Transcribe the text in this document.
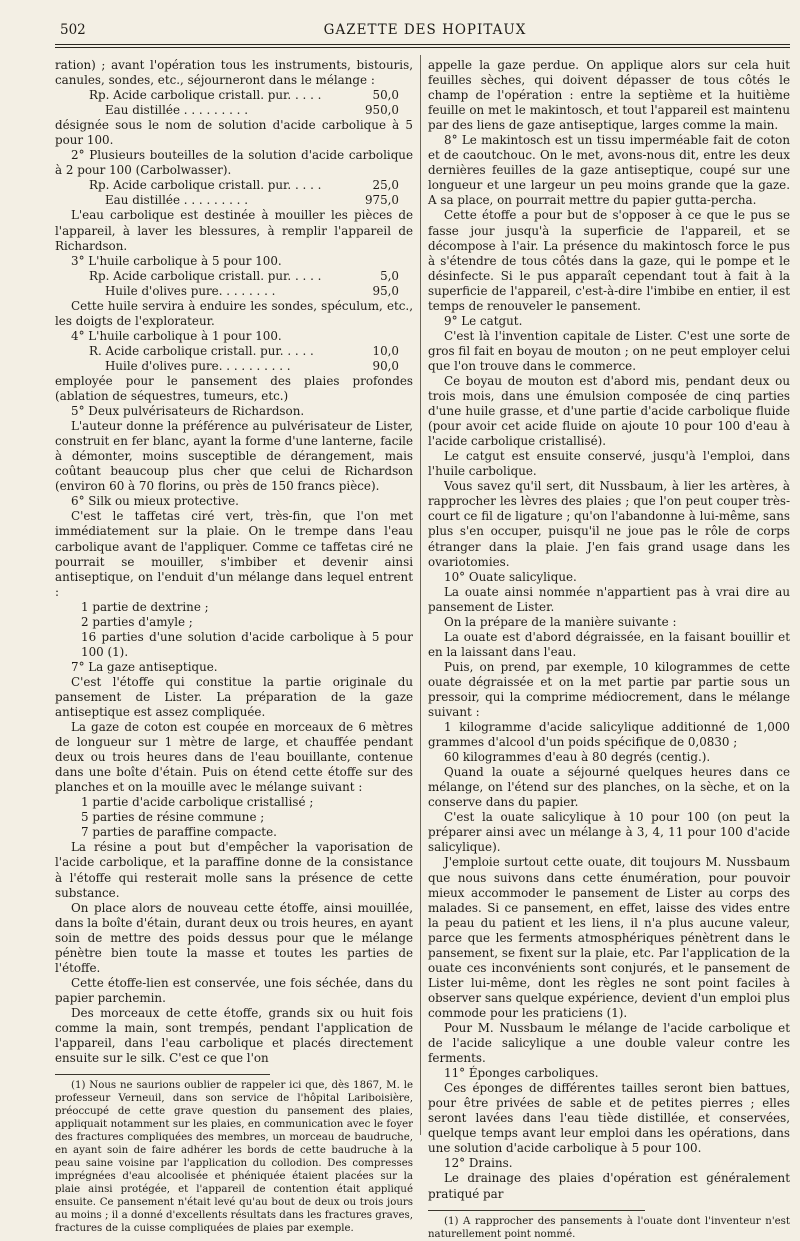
502	GAZETTE DES HOPITAUX

ration) ; avant l'opération tous les instruments, bistouris, canules, sondes, etc., séjourneront dans le mélange :

Rp. Acide carbolique cristall. pur. . . . .	50,0

Eau distillée . . . . . . . . .	950,0

désignée sous le nom de solution d'acide carbolique à 5 pour 100.

2° Plusieurs bouteilles de la solution d'acide carbolique à 2 pour 100 (Carbolwasser).

Rp. Acide carbolique cristall. pur. . . . .	25,0

Eau distillée . . . . . . . . .	975,0

L'eau carbolique est destinée à mouiller les pièces de l'appareil, à laver les blessures, à remplir l'appareil de Richardson.

3° L'huile carbolique à 5 pour 100.

Rp. Acide carbolique cristall. pur. . . . .	5,0

Huile d'olives pure. . . . . . . .	95,0

Cette huile servira à enduire les sondes, spéculum, etc., les doigts de l'explorateur.

4° L'huile carbolique à 1 pour 100.

R. Acide carbolique cristall. pur. . . . .	10,0

Huile d'olives pure. . . . . . . . . .	90,0

employée pour le pansement des plaies profondes (ablation de séquestres, tumeurs, etc.)

5° Deux pulvérisateurs de Richardson.

L'auteur donne la préférence au pulvérisateur de Lister, construit en fer blanc, ayant la forme d'une lanterne, facile à démonter, moins susceptible de dérangement, mais coûtant beaucoup plus cher que celui de Richardson (environ 60 à 70 florins, ou près de 150 francs pièce).

6° Silk ou mieux protective.

C'est le taffetas ciré vert, très-fin, que l'on met immédiatement sur la plaie. On le trempe dans l'eau carbolique avant de l'appliquer. Comme ce taffetas ciré ne pourrait se mouiller, s'imbiber et devenir ainsi antiseptique, on l'enduit d'un mélange dans lequel entrent :

1 partie de dextrine ;

2 parties d'amyle ;

16 parties d'une solution d'acide carbolique à 5 pour 100 (1).

7° La gaze antiseptique.

C'est l'étoffe qui constitue la partie originale du pansement de Lister. La préparation de la gaze antiseptique est assez compliquée.

La gaze de coton est coupée en morceaux de 6 mètres de longueur sur 1 mètre de large, et chauffée pendant deux ou trois heures dans de l'eau bouillante, contenue dans une boîte d'étain. Puis on étend cette étoffe sur des planches et on la mouille avec le mélange suivant :

1 partie d'acide carbolique cristallisé ;

5 parties de résine commune ;

7 parties de paraffine compacte.

La résine a pout but d'empêcher la vaporisation de l'acide carbolique, et la paraffine donne de la consistance à l'étoffe qui resterait molle sans la présence de cette substance.

On place alors de nouveau cette étoffe, ainsi mouillée, dans la boîte d'étain, durant deux ou trois heures, en ayant soin de mettre des poids dessus pour que le mélange pénètre bien toute la masse et toutes les parties de l'étoffe.

Cette étoffe-lien est conservée, une fois séchée, dans du papier parchemin.

Des morceaux de cette étoffe, grands six ou huit fois comme la main, sont trempés, pendant l'application de l'appareil, dans l'eau carbolique et placés directement ensuite sur le silk. C'est ce que l'on

(1) Nous ne saurions oublier de rappeler ici que, dès 1867, M. le professeur Verneuil, dans son service de l'hôpital Lariboisière, préoccupé de cette grave question du pansement des plaies, appliquait notamment sur les plaies, en communication avec le foyer des fractures compliquées des membres, un morceau de baudruche, en ayant soin de faire adhérer les bords de cette baudruche à la peau saine voisine par l'application du collodion. Des compresses imprégnées d'eau alcoolisée et phéniquée étaient placées sur la plaie ainsi protégée, et l'appareil de contention était appliqué ensuite. Ce pansement n'était levé qu'au bout de deux ou trois jours au moins ; il a donné d'excellents résultats dans les fractures graves, fractures de la cuisse compliquées de plaies par exemple.

appelle la gaze perdue. On applique alors sur cela huit feuilles sèches, qui doivent dépasser de tous côtés le champ de l'opération : entre la septième et la huitième feuille on met le makintosch, et tout l'appareil est maintenu par des liens de gaze antiseptique, larges comme la main.

8° Le makintosch est un tissu imperméable fait de coton et de caoutchouc. On le met, avons-nous dit, entre les deux dernières feuilles de la gaze antiseptique, coupé sur une longueur et une largeur un peu moins grande que la gaze. A sa place, on pourrait mettre du papier gutta-percha.

Cette étoffe a pour but de s'opposer à ce que le pus se fasse jour jusqu'à la superficie de l'appareil, et se décompose à l'air. La présence du makintosch force le pus à s'étendre de tous côtés dans la gaze, qui le pompe et le désinfecte. Si le pus apparaît cependant tout à fait à la superficie de l'appareil, c'est-à-dire l'imbibe en entier, il est temps de renouveler le pansement.

9° Le catgut.

C'est là l'invention capitale de Lister. C'est une sorte de gros fil fait en boyau de mouton ; on ne peut employer celui que l'on trouve dans le commerce.

Ce boyau de mouton est d'abord mis, pendant deux ou trois mois, dans une émulsion composée de cinq parties d'une huile grasse, et d'une partie d'acide carbolique fluide (pour avoir cet acide fluide on ajoute 10 pour 100 d'eau à l'acide carbolique cristallisé).

Le catgut est ensuite conservé, jusqu'à l'emploi, dans l'huile carbolique.

Vous savez qu'il sert, dit Nussbaum, à lier les artères, à rapprocher les lèvres des plaies ; que l'on peut couper très-court ce fil de ligature ; qu'on l'abandonne à lui-même, sans plus s'en occuper, puisqu'il ne joue pas le rôle de corps étranger dans la plaie. J'en fais grand usage dans les ovariotomies.

10° Ouate salicylique.

La ouate ainsi nommée n'appartient pas à vrai dire au pansement de Lister.

On la prépare de la manière suivante :

La ouate est d'abord dégraissée, en la faisant bouillir et en la laissant dans l'eau.

Puis, on prend, par exemple, 10 kilogrammes de cette ouate dégraissée et on la met partie par partie sous un pressoir, qui la comprime médiocrement, dans le mélange suivant :

1 kilogramme d'acide salicylique additionné de 1,000 grammes d'alcool d'un poids spécifique de 0,0830 ;

60 kilogrammes d'eau à 80 degrés (centig.).

Quand la ouate a séjourné quelques heures dans ce mélange, on l'étend sur des planches, on la sèche, et on la conserve dans du papier.

C'est la ouate salicylique à 10 pour 100 (on peut la préparer ainsi avec un mélange à 3, 4, 11 pour 100 d'acide salicylique).

J'emploie surtout cette ouate, dit toujours M. Nussbaum que nous suivons dans cette énumération, pour pouvoir mieux accommoder le pansement de Lister au corps des malades. Si ce pansement, en effet, laisse des vides entre la peau du patient et les liens, il n'a plus aucune valeur, parce que les ferments atmosphériques pénètrent dans le pansement, se fixent sur la plaie, etc. Par l'application de la ouate ces inconvénients sont conjurés, et le pansement de Lister lui-même, dont les règles ne sont point faciles à observer sans quelque expérience, devient d'un emploi plus commode pour les praticiens (1).

Pour M. Nussbaum le mélange de l'acide carbolique et de l'acide salicylique a une double valeur contre les ferments.

11° Éponges carboliques.

Ces éponges de différentes tailles seront bien battues, pour être privées de sable et de petites pierres ; elles seront lavées dans l'eau tiède distillée, et conservées, quelque temps avant leur emploi dans les opérations, dans une solution d'acide carbolique à 5 pour 100.

12° Drains.

Le drainage des plaies d'opération est généralement pratiqué par

(1) A rapprocher des pansements à l'ouate dont l'inventeur n'est naturellement point nommé.
